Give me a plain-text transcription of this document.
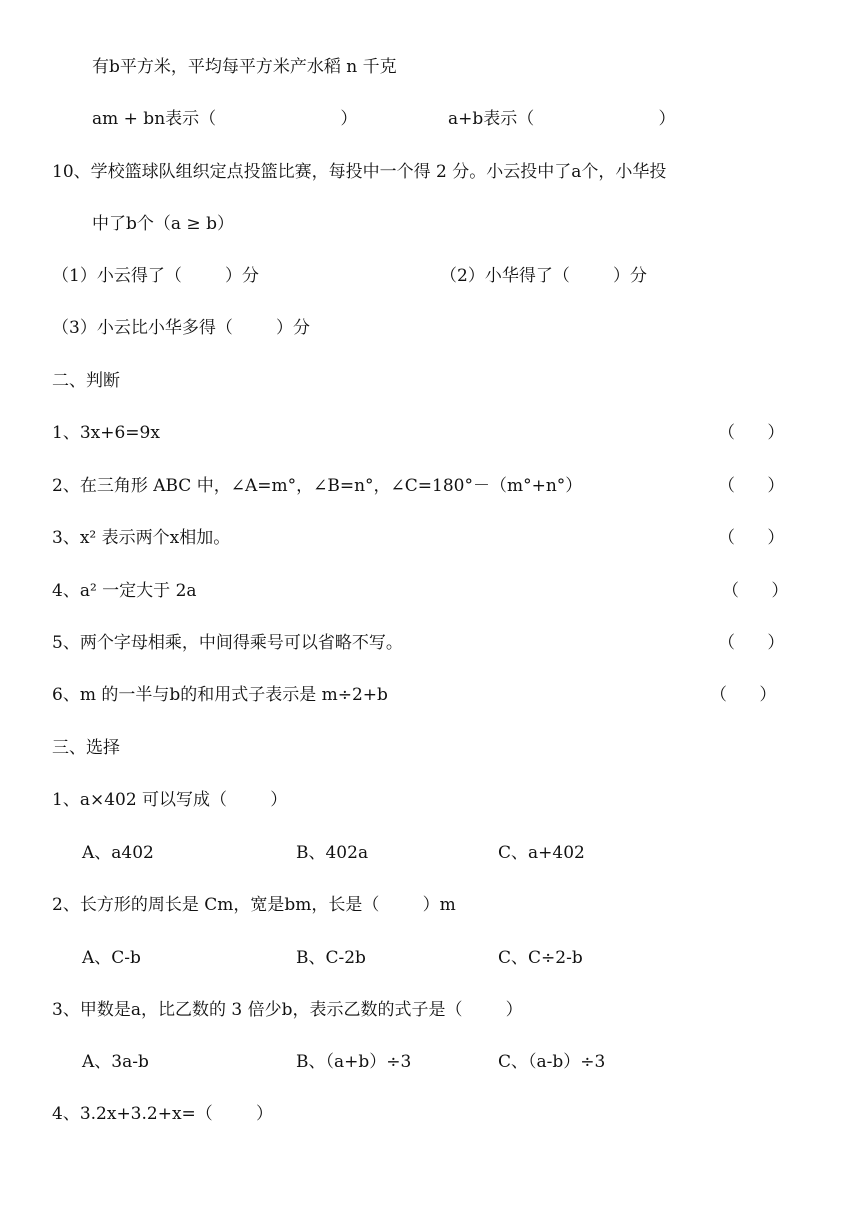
有b平方米，平均每平方米产水稻 n 千克
am + bn表示（                       ）	a+b表示（                       ）
10、学校篮球队组织定点投篮比赛，每投中一个得 2 分。小云投中了a个，小华投
中了b个（a ≥ b）
（1）小云得了（        ）分	（2）小华得了（        ）分
（3）小云比小华多得（        ）分
二、判断
1、3x+6=9x	（      ）
2、在三角形 ABC 中，∠A=m°，∠B=n°，∠C=180°－（m°+n°）	（      ）
3、x² 表示两个x相加。	（      ）
4、a² 一定大于 2a	（      ）
5、两个字母相乘，中间得乘号可以省略不写。	（      ）
6、m 的一半与b的和用式子表示是 m÷2+b	（      ）
三、选择
1、a×402 可以写成（        ）
A、a402	B、402a	C、a+402
2、长方形的周长是 Cm，宽是bm，长是（        ）m
A、C-b	B、C-2b	C、C÷2-b
3、甲数是a，比乙数的 3 倍少b，表示乙数的式子是（        ）
A、3a-b	B、（a+b）÷3	C、（a-b）÷3
4、3.2x+3.2+x=（        ）
